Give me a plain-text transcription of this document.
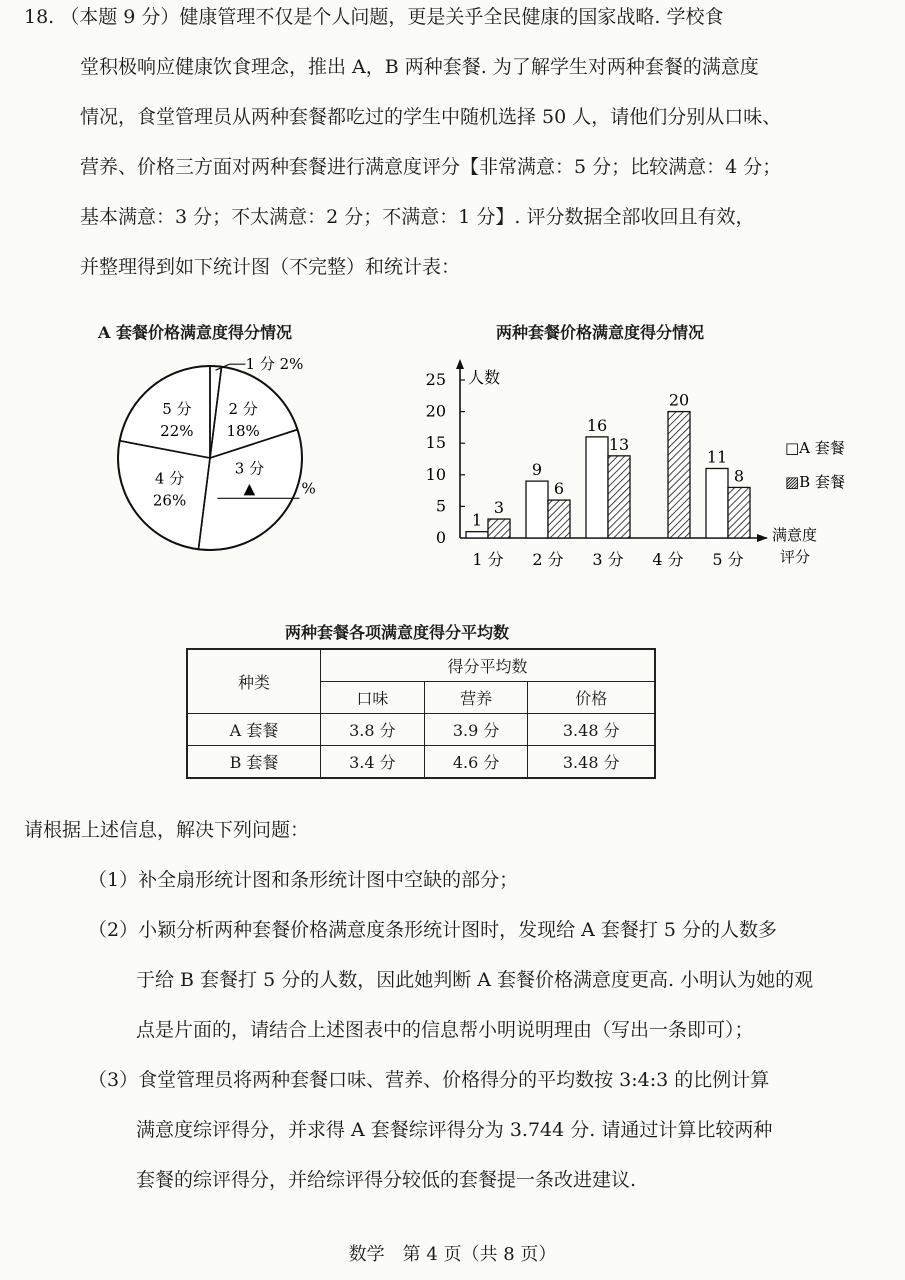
18. （本题 9 分）健康管理不仅是个人问题，更是关乎全民健康的国家战略. 学校食
堂积极响应健康饮食理念，推出 A，B 两种套餐. 为了解学生对两种套餐的满意度
情况，食堂管理员从两种套餐都吃过的学生中随机选择 50 人，请他们分别从口味、
营养、价格三方面对两种套餐进行满意度评分【非常满意：5 分；比较满意：4 分；
基本满意：3 分；不太满意：2 分；不满意：1 分】. 评分数据全部收回且有效，
并整理得到如下统计图（不完整）和统计表：
A 套餐价格满意度得分情况
1 分 2%
2 分
18%
3 分
▲	%
4 分
26%
5 分
22%
两种套餐价格满意度得分情况
人数
满意度
评分
0
5
10
15
20
25
1 分
1
3
2 分
9
6
3 分
16
13
4 分
20
5 分
11
8
□A 套餐
▨B 套餐
两种套餐各项满意度得分平均数
种类	得分平均数		
	口味	营养	价格
A 套餐	3.8 分	3.9 分	3.48 分
B 套餐	3.4 分	4.6 分	3.48 分
请根据上述信息，解决下列问题：
（1）补全扇形统计图和条形统计图中空缺的部分；
（2）小颖分析两种套餐价格满意度条形统计图时，发现给 A 套餐打 5 分的人数多
于给 B 套餐打 5 分的人数，因此她判断 A 套餐价格满意度更高. 小明认为她的观
点是片面的，请结合上述图表中的信息帮小明说明理由（写出一条即可）；
（3）食堂管理员将两种套餐口味、营养、价格得分的平均数按 3:4:3 的比例计算
满意度综评得分，并求得 A 套餐综评得分为 3.744 分. 请通过计算比较两种
套餐的综评得分，并给综评得分较低的套餐提一条改进建议.
数学　第 4 页（共 8 页）
